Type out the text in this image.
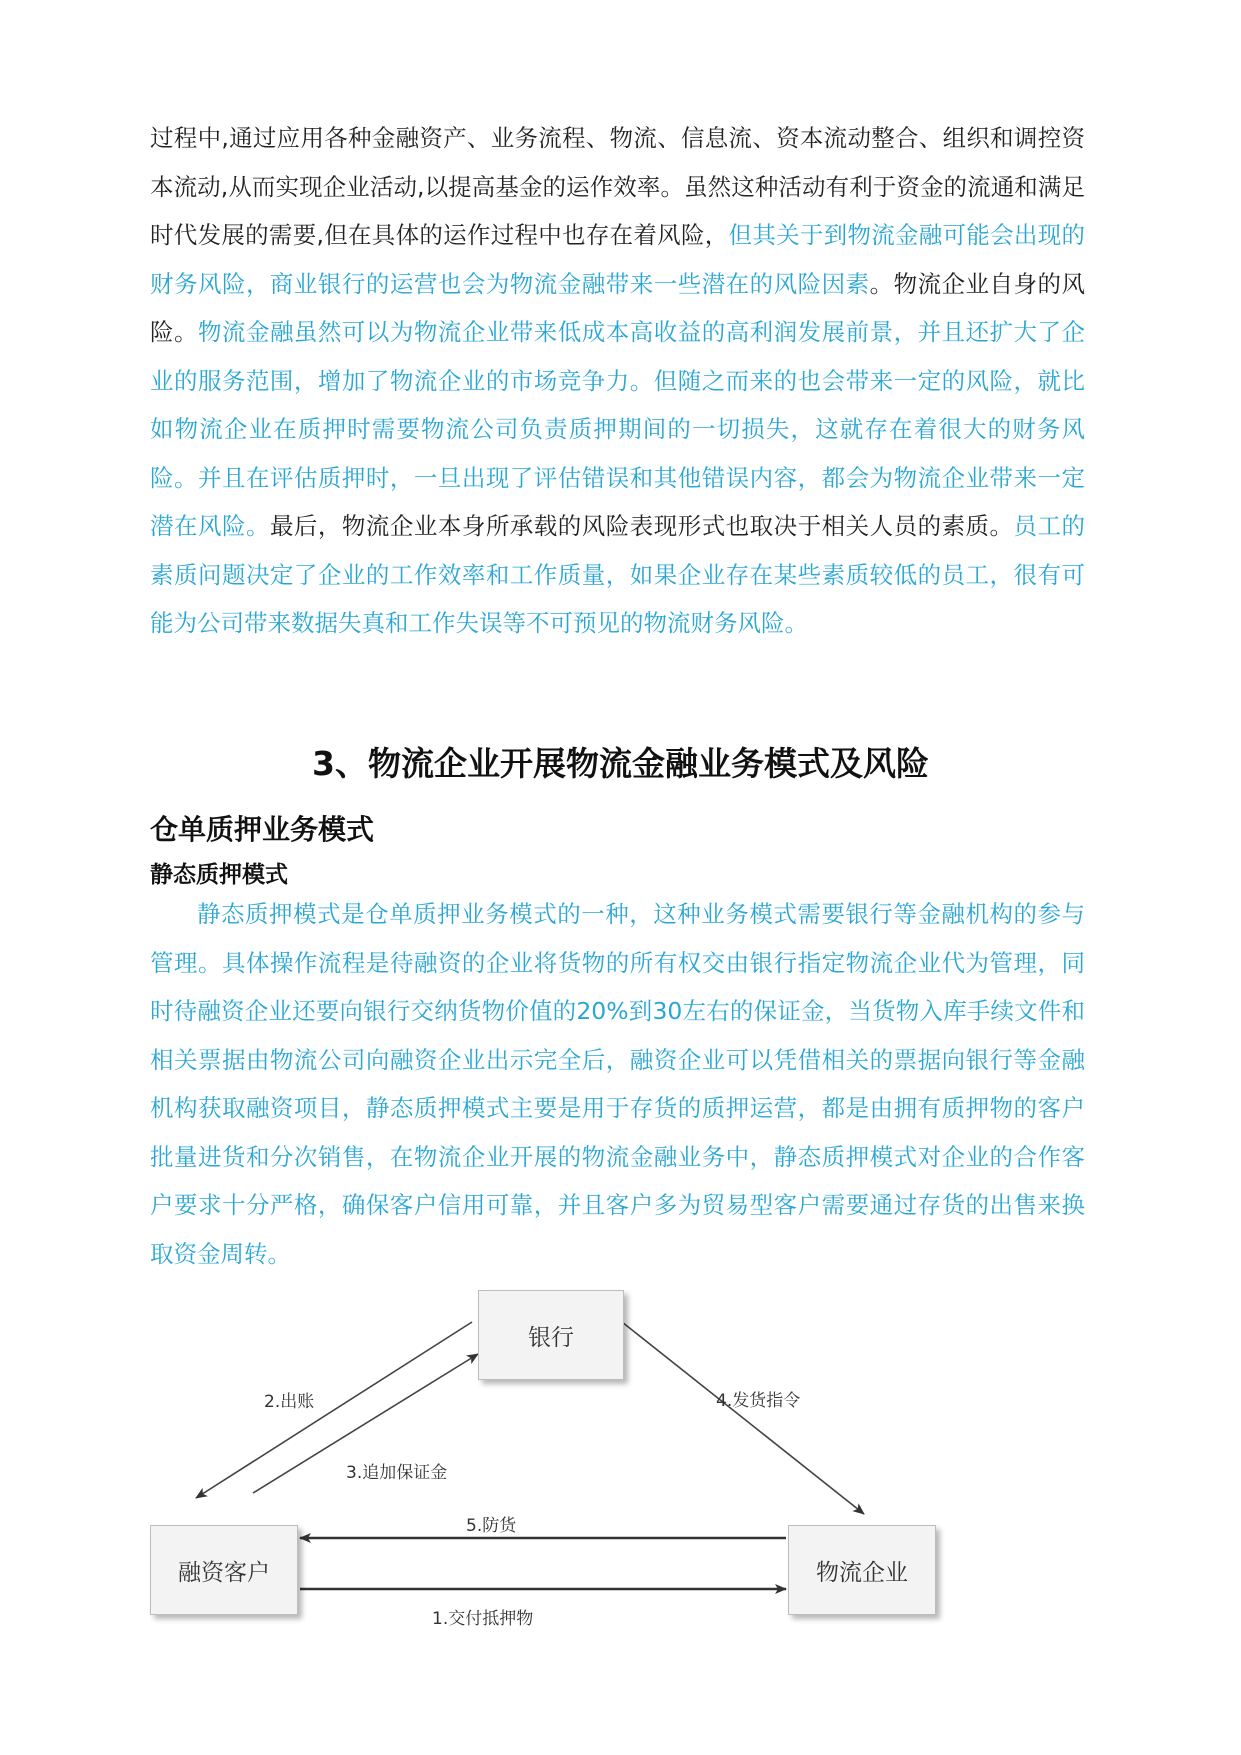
过程中,通过应用各种金融资产、业务流程、物流、信息流、资本流动整合、组织和调控资本流动,从而实现企业活动,以提高基金的运作效率。虽然这种活动有利于资金的流通和满足时代发展的需要,但在具体的运作过程中也存在着风险，但其关于到物流金融可能会出现的财务风险，商业银行的运营也会为物流金融带来一些潜在的风险因素。物流企业自身的风险。物流金融虽然可以为物流企业带来低成本高收益的高利润发展前景，并且还扩大了企业的服务范围，增加了物流企业的市场竞争力。但随之而来的也会带来一定的风险，就比如物流企业在质押时需要物流公司负责质押期间的一切损失，这就存在着很大的财务风险。并且在评估质押时，一旦出现了评估错误和其他错误内容，都会为物流企业带来一定潜在风险。最后，物流企业本身所承载的风险表现形式也取决于相关人员的素质。员工的素质问题决定了企业的工作效率和工作质量，如果企业存在某些素质较低的员工，很有可能为公司带来数据失真和工作失误等不可预见的物流财务风险。
3、物流企业开展物流金融业务模式及风险
仓单质押业务模式
静态质押模式
静态质押模式是仓单质押业务模式的一种，这种业务模式需要银行等金融机构的参与管理。具体操作流程是待融资的企业将货物的所有权交由银行指定物流企业代为管理，同时待融资企业还要向银行交纳货物价值的20%到30左右的保证金，当货物入库手续文件和相关票据由物流公司向融资企业出示完全后，融资企业可以凭借相关的票据向银行等金融机构获取融资项目，静态质押模式主要是用于存货的质押运营，都是由拥有质押物的客户批量进货和分次销售，在物流企业开展的物流金融业务中，静态质押模式对企业的合作客户要求十分严格，确保客户信用可靠，并且客户多为贸易型客户需要通过存货的出售来换取资金周转。
银行
融资客户	物流企业
2.出账
3.追加保证金
4.发货指令
5.防货
1.交付抵押物
